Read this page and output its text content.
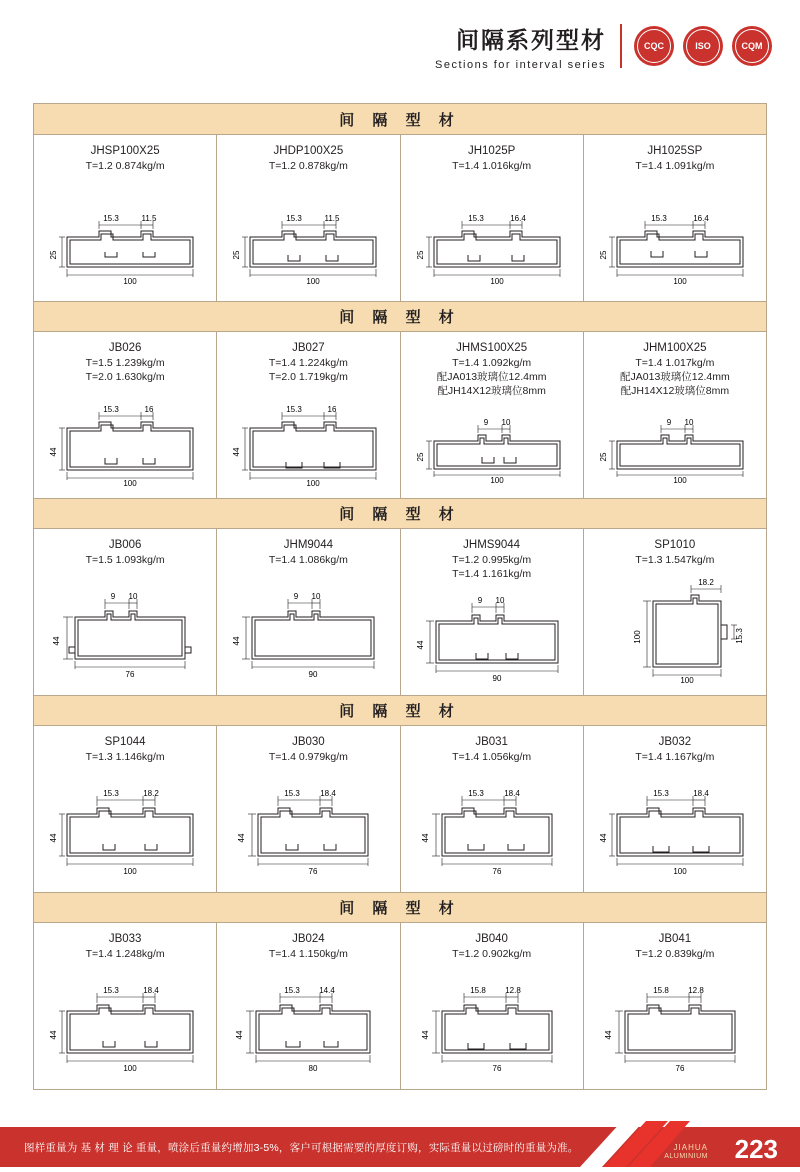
间隔系列型材
Sections for interval series
CQC	ISO	CQM
间 隔 型 材
JHSP100X25
T=1.2 0.874kg/m
15.3	11.5
25
100
JHDP100X25
T=1.2 0.878kg/m
15.3	11.5
25
100
JH1025P
T=1.4 1.016kg/m
15.3	16.4
25
100
JH1025SP
T=1.4 1.091kg/m
15.3	16.4
25
100
间 隔 型 材
JB026
T=1.5 1.239kg/m
T=2.0 1.630kg/m
15.3	16
44
100
JB027
T=1.4 1.224kg/m
T=2.0 1.719kg/m
15.3	16
44
100
JHMS100X25
T=1.4 1.092kg/m
配JA013玻璃位12.4mm
配JH14X12玻璃位8mm
9 10
25
100
JHM100X25
T=1.4 1.017kg/m
配JA013玻璃位12.4mm
配JH14X12玻璃位8mm
9 10
25
100
间 隔 型 材
JB006
T=1.5 1.093kg/m
9 10
44
76
JHM9044
T=1.4 1.086kg/m
9 10
44
90
JHMS9044
T=1.2 0.995kg/m
T=1.4 1.161kg/m
9 10
44
90
SP1010
T=1.3 1.547kg/m
18.2
15.3
100
100
间 隔 型 材
SP1044
T=1.3 1.146kg/m
15.3	18.2
44
100
JB030
T=1.4 0.979kg/m
15.3	18.4
44
76
JB031
T=1.4 1.056kg/m
15.3	18.4
44
76
JB032
T=1.4 1.167kg/m
15.3	18.4
44
100
间 隔 型 材
JB033
T=1.4 1.248kg/m
15.3	18.4
44
100
JB024
T=1.4 1.150kg/m
15.3 14.4
44
80
JB040
T=1.2 0.902kg/m
15.8 12.8
44
76
JB041
T=1.2 0.839kg/m
15.8 12.8
44
76
图样重量为 基 材 理 论 重量，喷涂后重量约增加3-5%，客户可根据需要的厚度订购，实际重量以过磅时的重量为准。	JIAHUA
ALUMINIUM 223
